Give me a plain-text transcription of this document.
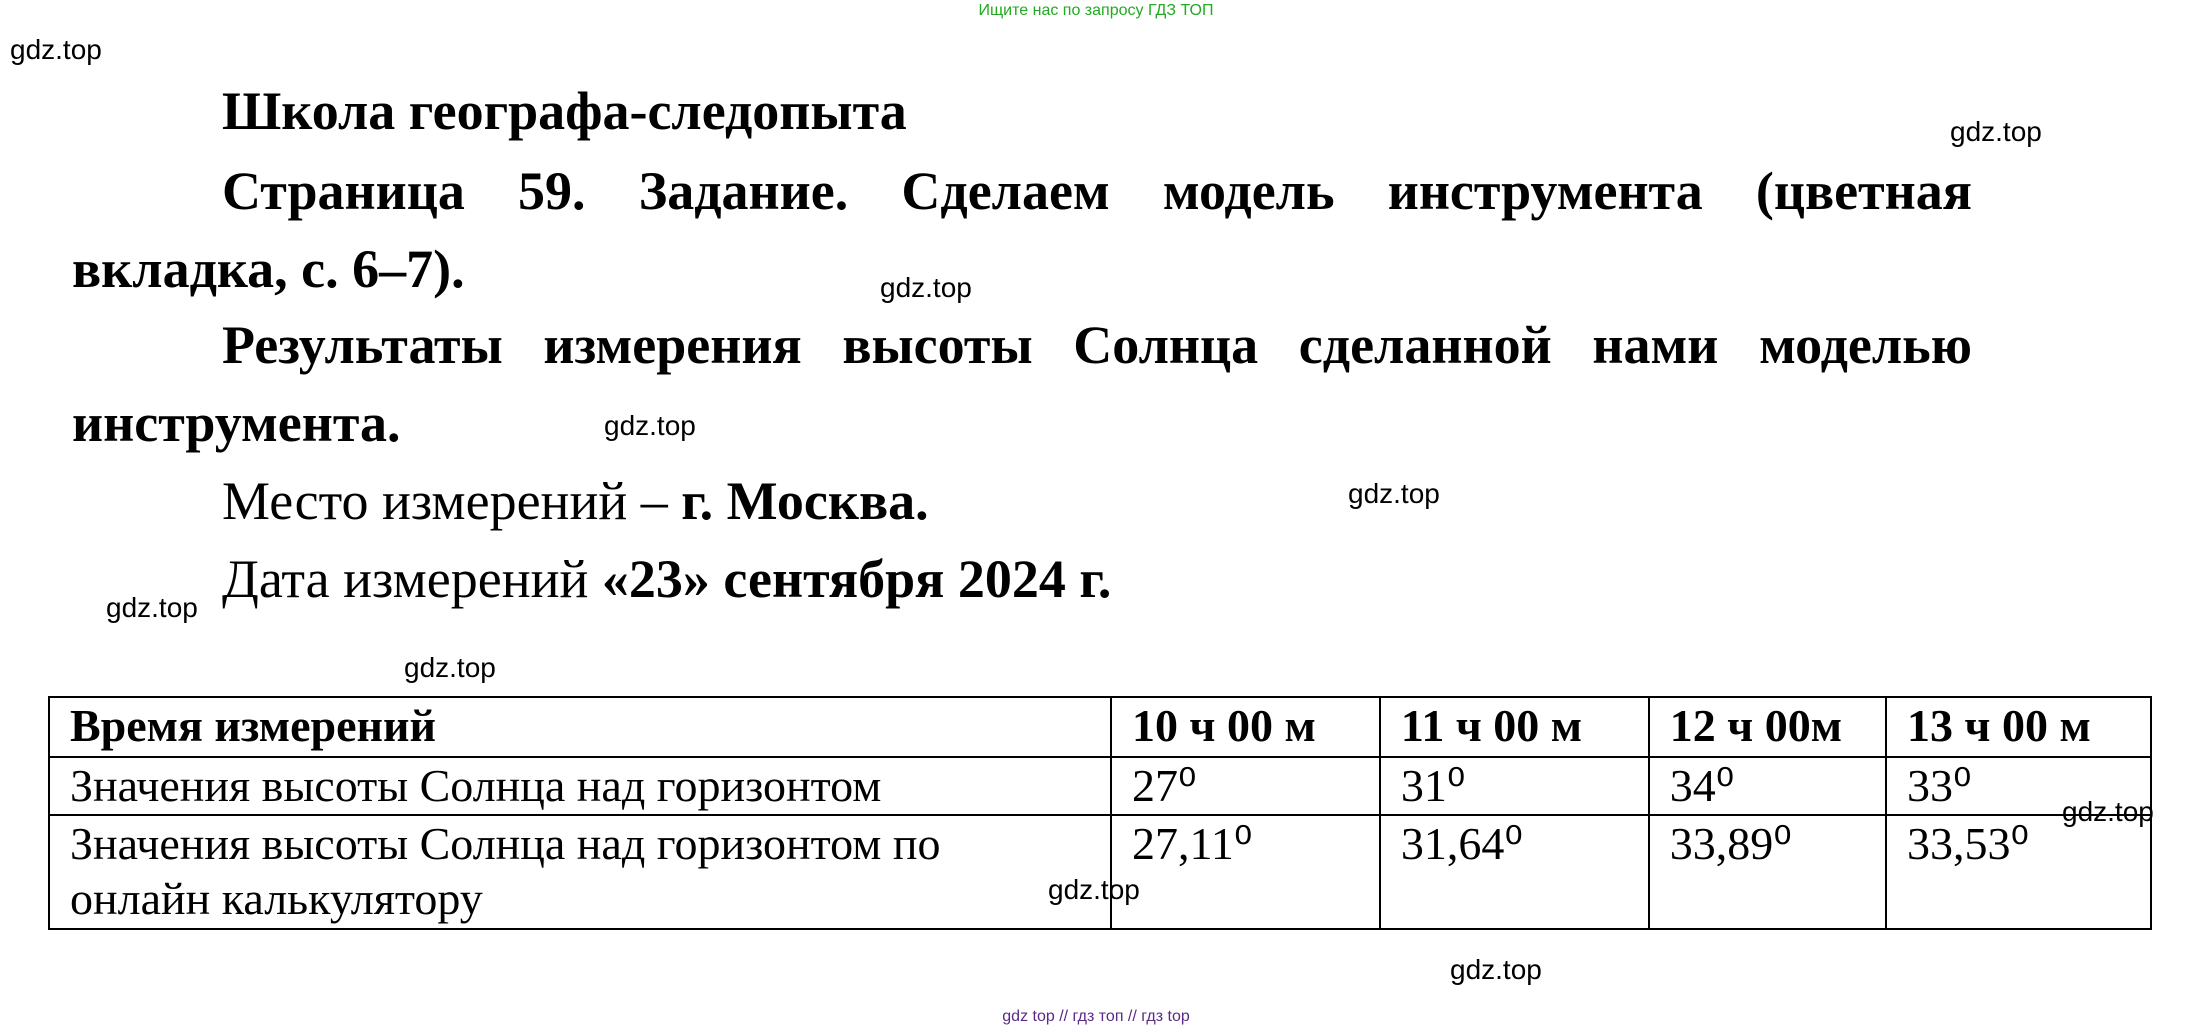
Ищите нас по запросу ГДЗ ТОП
gdz.top
gdz.top
gdz.top
gdz.top
gdz.top
gdz.top
gdz.top
gdz.top
gdz.top
gdz.top
Школа географа-следопыта
Страница 59. Задание. Сделаем модель инструмента (цветная
вкладка, с. 6–7).
Результаты измерения высоты Солнца сделанной нами моделью
инструмента.
Место измерений – г. Москва.
Дата измерений «23» сентября 2024 г.
Время измерений	10 ч 00 м	11 ч 00 м	12 ч 00м	13 ч 00 м
Значения высоты Солнца над горизонтом	27⁰	31⁰	34⁰	33⁰

Значения высоты Солнца над горизонтом по
онлайн калькулятору	27,11⁰	31,64⁰	33,89⁰	33,53⁰
gdz top // гдз топ // гдз top
